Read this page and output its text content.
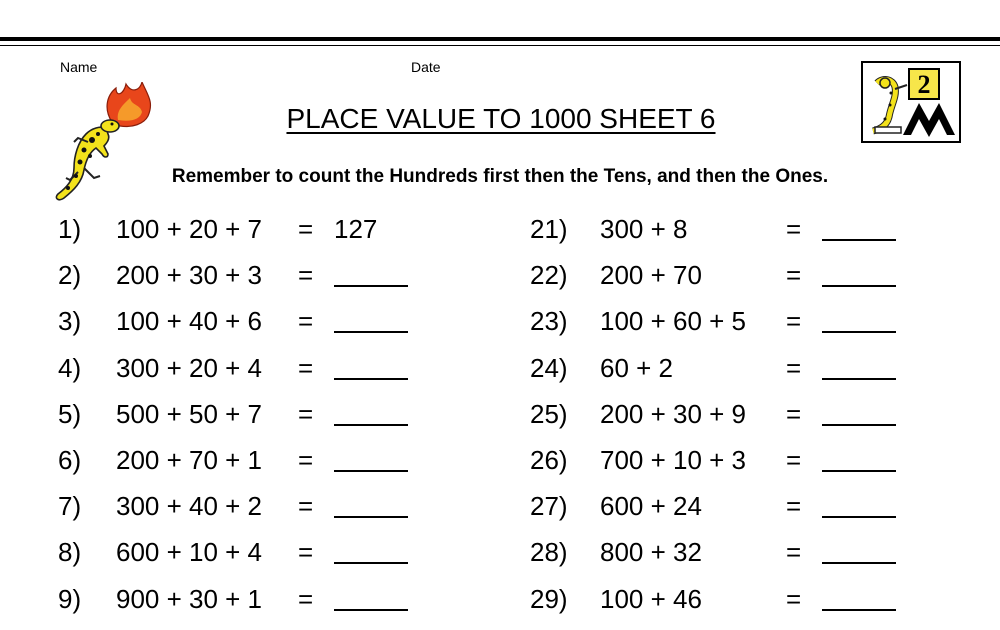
Name	Date
2
PLACE VALUE TO 1000 SHEET 6
Remember to count the Hundreds first then the Tens, and then the Ones.
1) 100 + 20 + 7 = 127
2) 200 + 30 + 3 =
3) 100 + 40 + 6 =
4) 300 + 20 + 4 =
5) 500 + 50 + 7 =
6) 200 + 70 + 1 =
7) 300 + 40 + 2 =
8) 600 + 10 + 4 =
9) 900 + 30 + 1 =
21) 300 + 8	=
22) 200 + 70	=
23) 100 + 60 + 5 =
24) 60 + 2	=
25) 200 + 30 + 9 =
26) 700 + 10 + 3 =
27) 600 + 24	=
28) 800 + 32	=
29) 100 + 46	=
